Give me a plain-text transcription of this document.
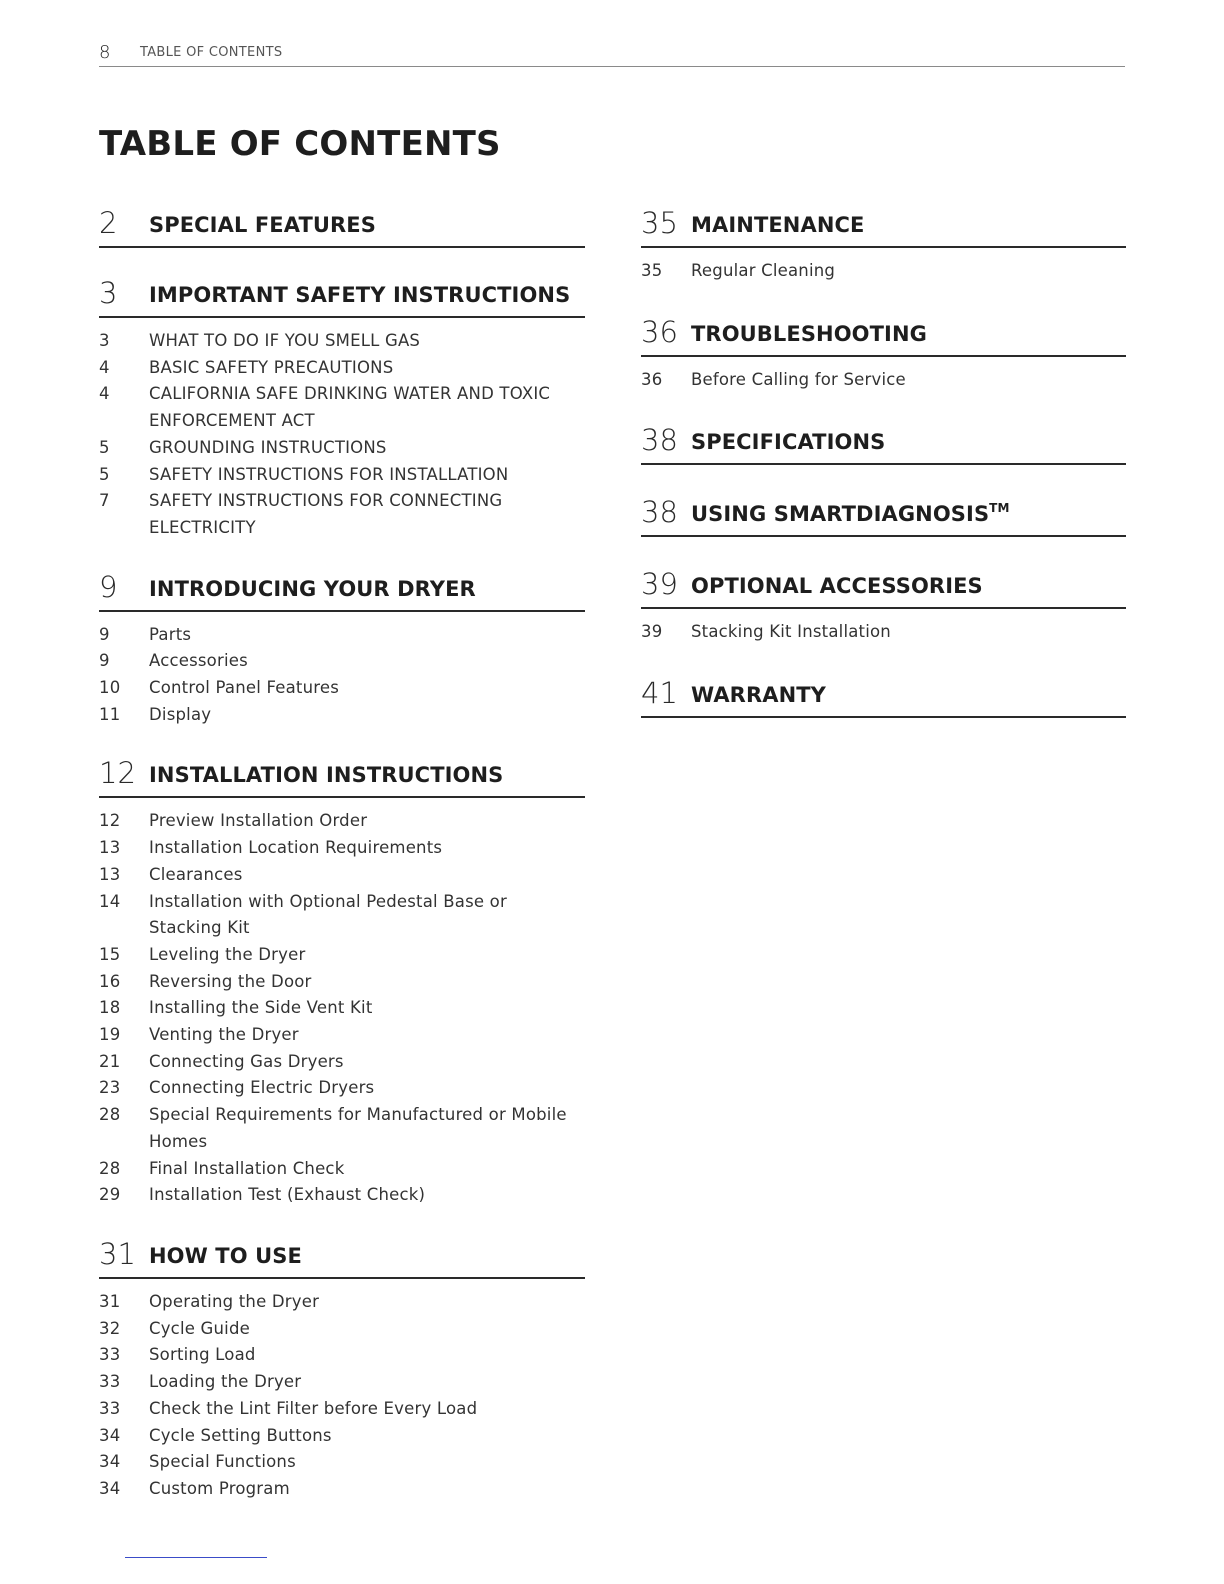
8 TABLE OF CONTENTS
TABLE OF CONTENTS
2	SPECIAL FEATURES
3	IMPORTANT SAFETY INSTRUCTIONS
3	WHAT TO DO IF YOU SMELL GAS
4	BASIC SAFETY PRECAUTIONS
4	CALIFORNIA SAFE DRINKING WATER AND TOXIC ENFORCEMENT ACT
5	GROUNDING INSTRUCTIONS
5	SAFETY INSTRUCTIONS FOR INSTALLATION
7	SAFETY INSTRUCTIONS FOR CONNECTING ELECTRICITY
9	INTRODUCING YOUR DRYER
9	Parts
9	Accessories
10	Control Panel Features
11	Display
12 INSTALLATION INSTRUCTIONS
12	Preview Installation Order
13	Installation Location Requirements
13	Clearances
14	Installation with Optional Pedestal Base or Stacking Kit
15	Leveling the Dryer
16	Reversing the Door
18	Installing the Side Vent Kit
19	Venting the Dryer
21	Connecting Gas Dryers
23	Connecting Electric Dryers
28	Special Requirements for Manufactured or Mobile Homes
28	Final Installation Check
29	Installation Test (Exhaust Check)
31 HOW TO USE
31	Operating the Dryer
32	Cycle Guide
33	Sorting Load
33	Loading the Dryer
33	Check the Lint Filter before Every Load
34	Cycle Setting Buttons
34	Special Functions
34	Custom Program
35 MAINTENANCE
35	Regular Cleaning
36 TROUBLESHOOTING
36	Before Calling for Service
38 SPECIFICATIONS
38 USING SMARTDIAGNOSIS™
39 OPTIONAL ACCESSORIES
39	Stacking Kit Installation
41 WARRANTY
